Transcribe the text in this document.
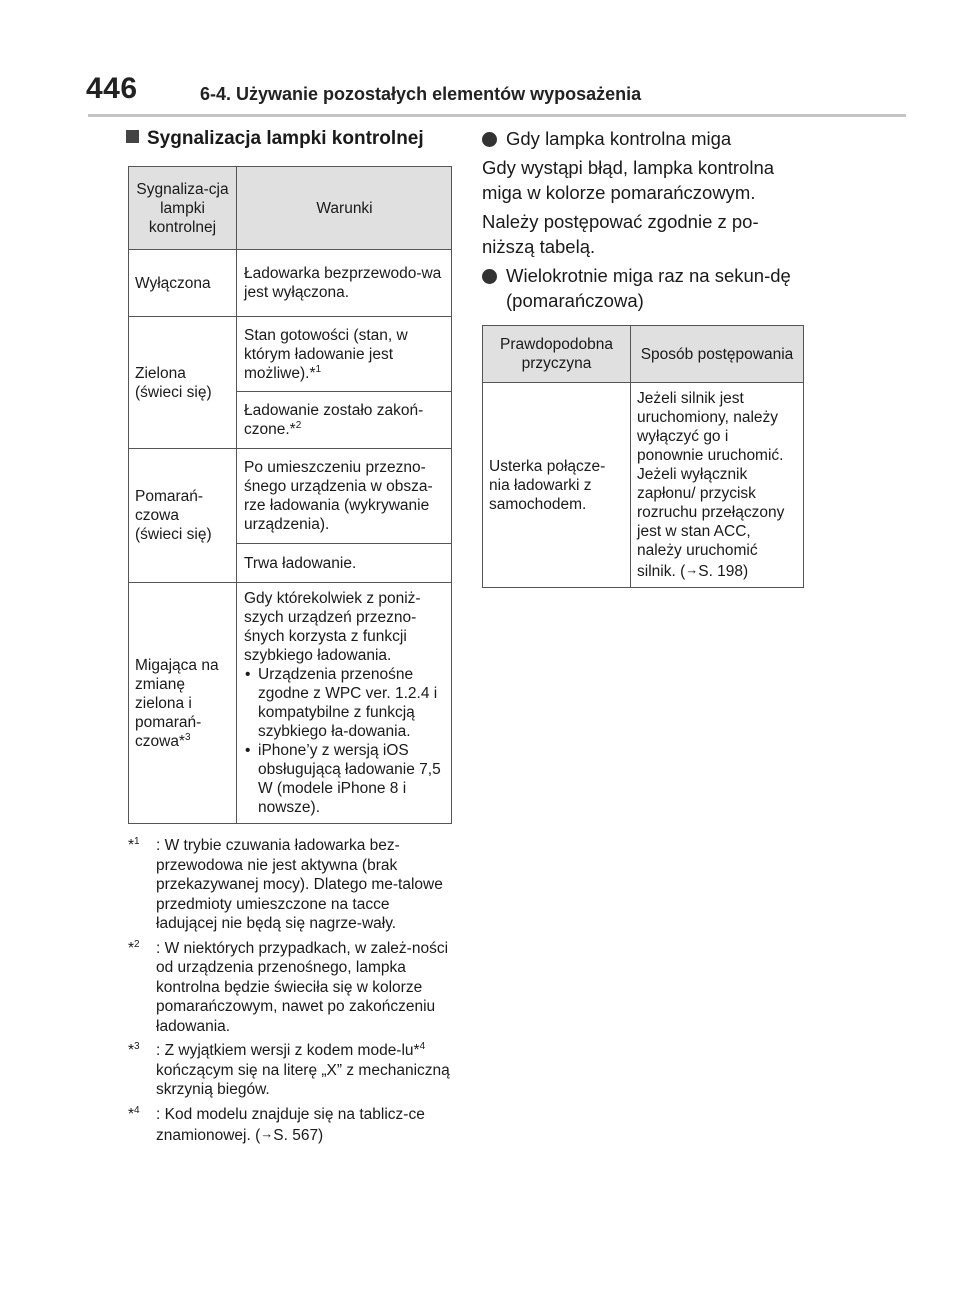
446	6-4. Używanie pozostałych elementów wyposażenia
Sygnalizacja lampki kontrolnej
Sygnaliza-cja lampki kontrolnej	Warunki
Wyłączona	Ładowarka bezprzewodo-wa jest wyłączona.
Zielona (świeci się)	Stan gotowości (stan, w którym ładowanie jest możliwe).*$^1$
	Ładowanie zostało zakoń-czone.*$^2$
Pomarań-czowa (świeci się)	Po umieszczeniu przezno-śnego urządzenia w obsza-rze ładowania (wykrywanie urządzenia).
	Trwa ładowanie.
Migająca na zmianę zielona i pomarań-czowa*$^3$	Gdy którekolwiek z poniż-szych urządzeń przezno-śnych korzysta z funkcji szybkiego ładowania.
• Urządzenia przenośne zgodne z WPC ver. 1.2.4 i kompatybilne z funkcją szybkiego ła-dowania.
• iPhone’y z wersją iOS obsługującą ładowanie 7,5 W (modele iPhone 8 i nowsze).
*$^1$	: W trybie czuwania ładowarka bez-przewodowa nie jest aktywna (brak przekazywanej mocy). Dlatego me-talowe przedmioty umieszczone na tacce ładującej nie będą się nagrze-wały.
*$^2$	: W niektórych przypadkach, w zależ-ności od urządzenia przenośnego, lampka kontrolna będzie świeciła się w kolorze pomarańczowym, nawet po zakończeniu ładowania.
*$^3$	: Z wyjątkiem wersji z kodem mode-lu*$^4$ kończącym się na literę „X” z mechaniczną skrzynią biegów.
*$^4$	: Kod modelu znajduje się na tablicz-ce znamionowej. (→S. 567)
Gdy lampka kontrolna miga

Gdy wystąpi błąd, lampka kontrolna miga w kolorze pomarańczowym.

Należy postępować zgodnie z po-niższą tabelą.

Wielokrotnie miga raz na sekun-dę (pomarańczowa)
Prawdopodobna przyczyna	Sposób postępowania
Usterka połącze-nia ładowarki z samochodem.	Jeżeli silnik jest uruchomiony, należy wyłączyć go i ponownie uruchomić. Jeżeli wyłącznik zapłonu/ przycisk rozruchu przełączony jest w stan ACC, należy uruchomić silnik. (→S. 198)
